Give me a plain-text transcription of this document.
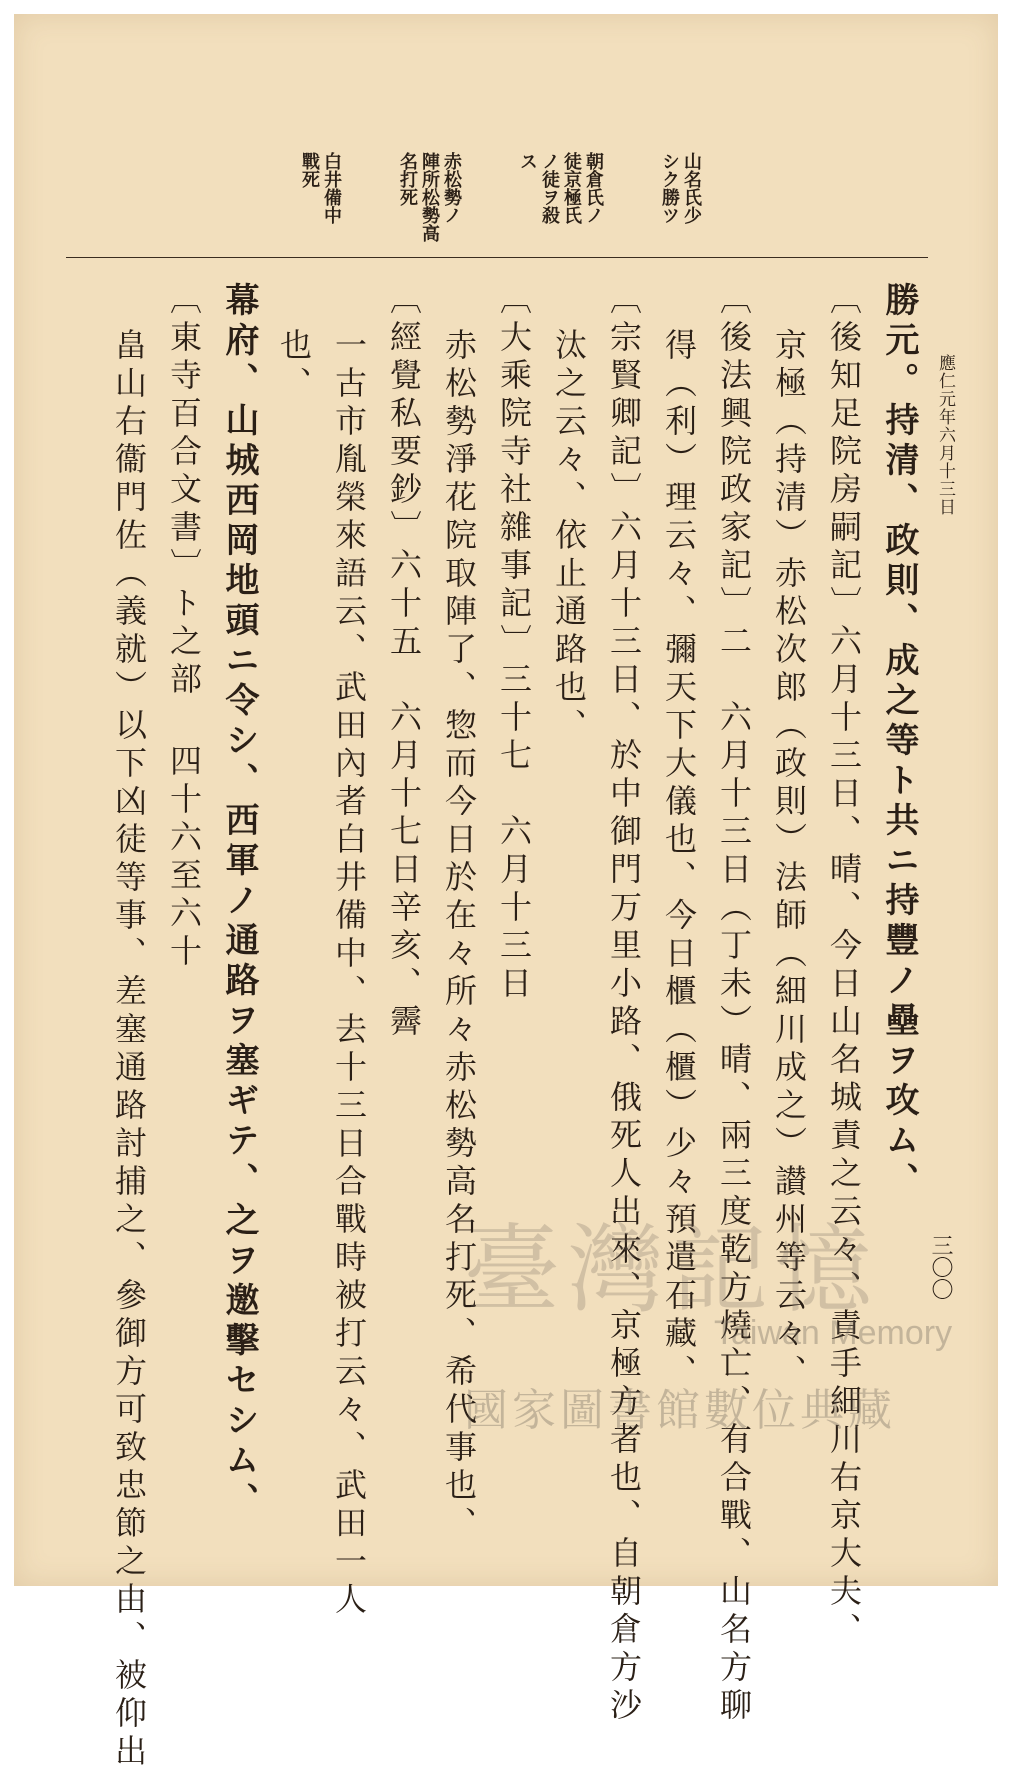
應仁元年六月十三日
三〇〇
山名氏少
シク勝ツ
朝倉氏ノ
徒京極氏
ノ徒ヲ殺
ス
赤松勢ノ
陣所松勢高
名打死
白井備中
戰死
勝元。持清、政則、成之等ト共ニ持豐ノ壘ヲ攻ム、
〔後知足院房嗣記〕六月十三日、晴、今日山名城責之云々、責手細川右京大夫、
京極（持清）赤松次郎（政則）法師（細川成之）讃州等云々、
〔後法興院政家記〕二　六月十三日（丁未）晴、兩三度乾方燒亡、有合戰、山名方聊
得（利）理云々、彌天下大儀也、今日櫃（櫃）少々預遣石藏、
〔宗賢卿記〕六月十三日、於中御門万里小路、俄死人出來、京極方者也、自朝倉方沙
汰之云々、依止通路也、
〔大乘院寺社雜事記〕三十七　六月十三日
赤松勢淨花院取陣了、惣而今日於在々所々赤松勢高名打死、希代事也、
〔經覺私要鈔〕六十五　六月十七日辛亥、霽
一古市胤榮來語云、武田內者白井備中、去十三日合戰時被打云々、武田一人
也、
幕府、山城西岡地頭ニ令シ、西軍ノ通路ヲ塞ギテ、之ヲ邀擊セシム、
〔東寺百合文書〕ト之部 四十六至六十
畠山右衞門佐（義就）以下凶徒等事、差塞通路討捕之、參御方可致忠節之由、被仰出	臺灣記憶
Taiwan Memory
國家圖書館數位典藏
